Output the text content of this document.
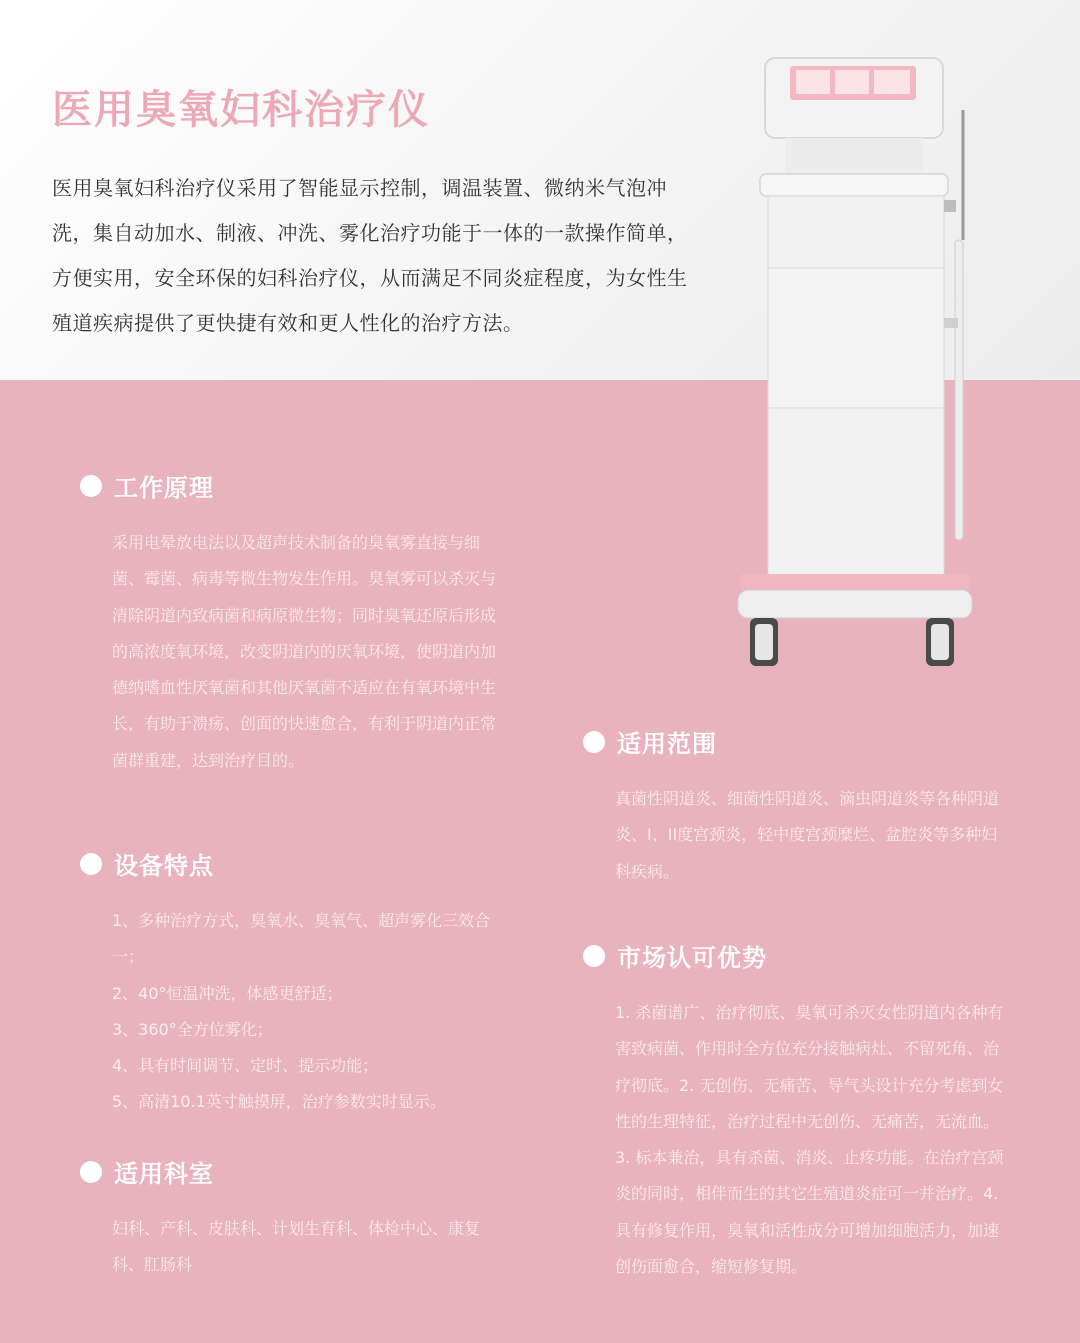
医用臭氧妇科治疗仪

医用臭氧妇科治疗仪采用了智能显示控制，调温装置、微纳米气泡冲洗，集自动加水、制液、冲洗、雾化治疗功能于一体的一款操作简单，方便实用，安全环保的妇科治疗仪，从而满足不同炎症程度，为女性生殖道疾病提供了更快捷有效和更人性化的治疗方法。

工作原理

采用电晕放电法以及超声技术制备的臭氧雾直接与细菌、霉菌、病毒等微生物发生作用。臭氧雾可以杀灭与清除阴道内致病菌和病原微生物；同时臭氧还原后形成的高浓度氧环境，改变阴道内的厌氧环境，使阴道内加德纳嗜血性厌氧菌和其他厌氧菌不适应在有氧环境中生长，有助于溃疡、创面的快速愈合，有利于阴道内正常菌群重建，达到治疗目的。

设备特点

1、多种治疗方式，臭氧水、臭氧气、超声雾化三效合一；

2、40°恒温冲洗，体感更舒适；

3、360°全方位雾化；

4、具有时间调节、定时、提示功能；

5、高清10.1英寸触摸屏，治疗参数实时显示。

适用科室

妇科、产科、皮肤科、计划生育科、体检中心、康复科、肛肠科

适用范围

真菌性阴道炎、细菌性阴道炎、滴虫阴道炎等各种阴道炎、I、II度宫颈炎，轻中度宫颈糜烂、盆腔炎等多种妇科疾病。

市场认可优势

1. 杀菌谱广、治疗彻底、臭氧可杀灭女性阴道内各种有害致病菌、作用时全方位充分接触病灶、不留死角、治疗彻底。2. 无创伤、无痛苦、导气头设计充分考虑到女性的生理特征，治疗过程中无创伤、无痛苦，无流血。3. 标本兼治，具有杀菌、消炎、止疼功能。在治疗宫颈炎的同时，相伴而生的其它生殖道炎症可一并治疗。4. 具有修复作用，臭氧和活性成分可增加细胞活力，加速创伤面愈合，缩短修复期。
